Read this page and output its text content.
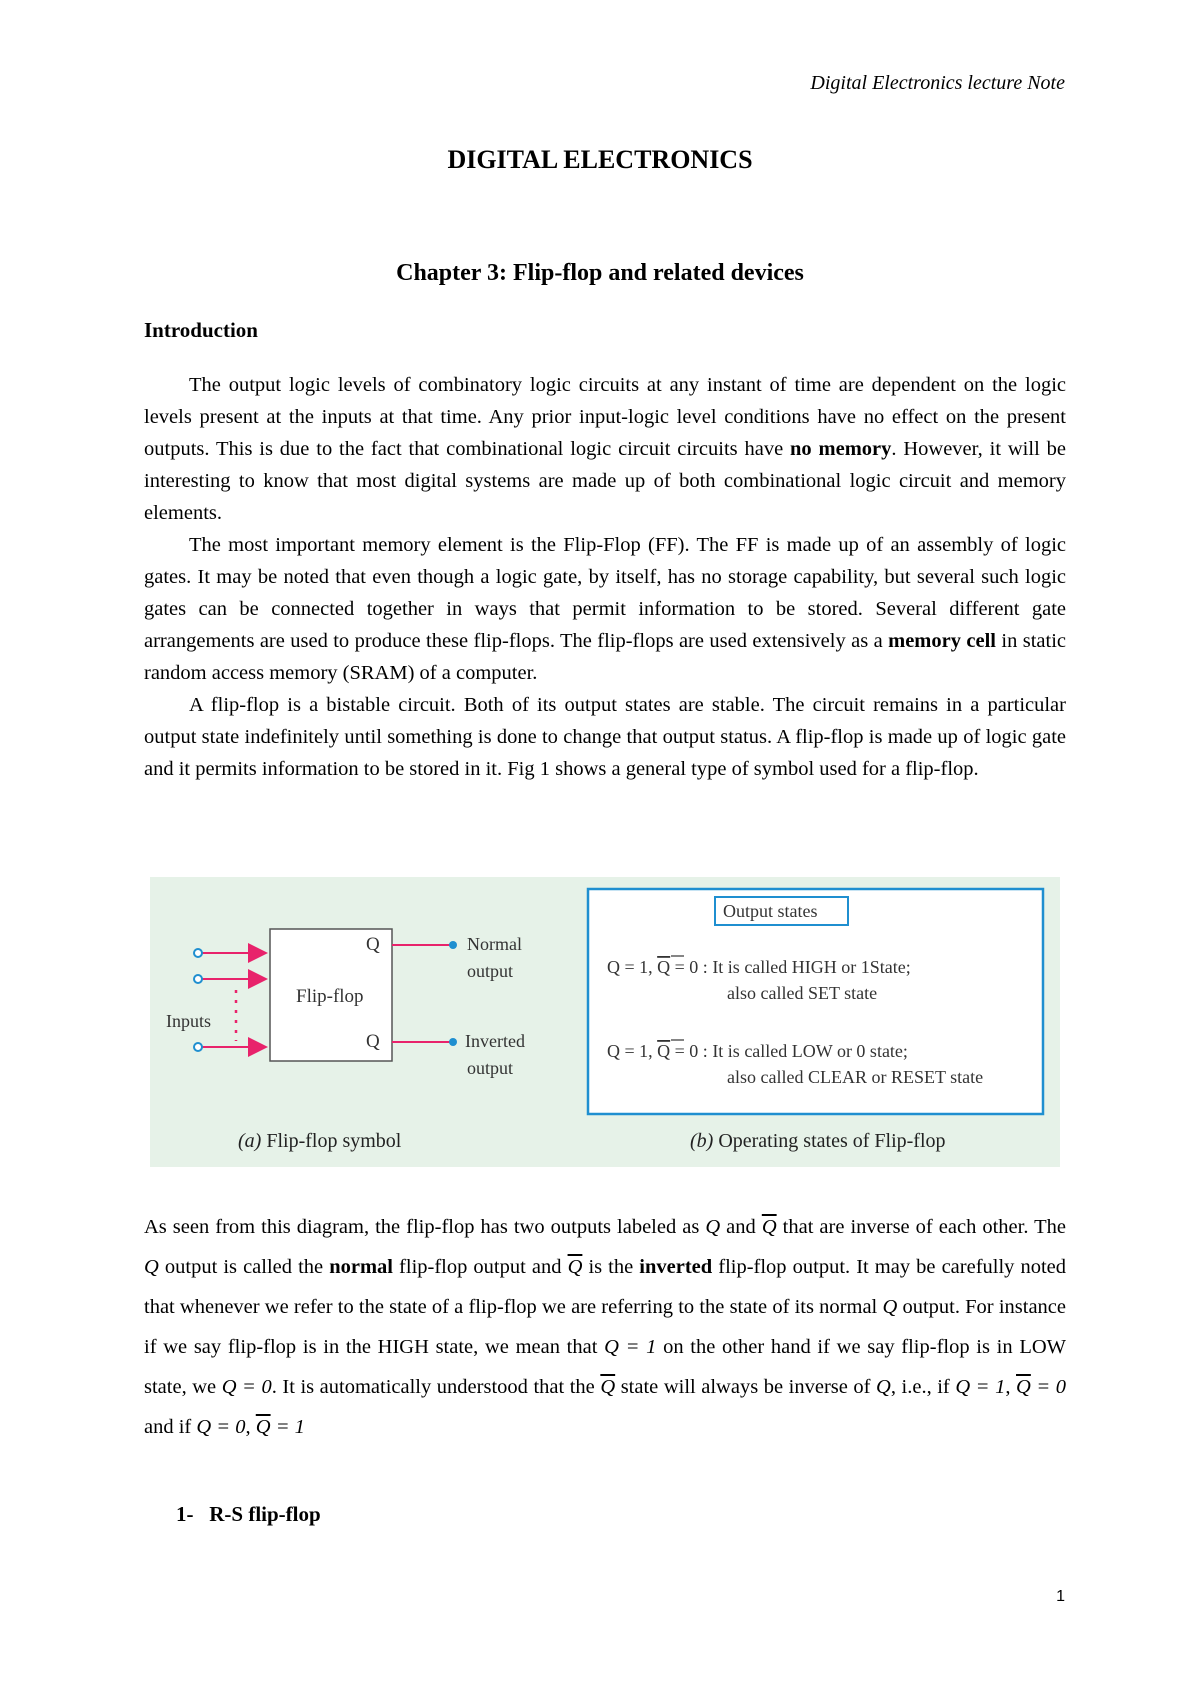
Digital Electronics lecture Note
DIGITAL ELECTRONICS
Chapter 3: Flip-flop and related devices
Introduction

The output logic levels of combinatory logic circuits at any instant of time are dependent on the logic levels present at the inputs at that time. Any prior input-logic level conditions have no effect on the present outputs. This is due to the fact that combinational logic circuit circuits have no memory. However, it will be interesting to know that most digital systems are made up of both combinational logic circuit and memory elements.

The most important memory element is the Flip-Flop (FF). The FF is made up of an assembly of logic gates. It may be noted that even though a logic gate, by itself, has no storage capability, but several such logic gates can be connected together in ways that permit information to be stored. Several different gate arrangements are used to produce these flip-flops. The flip-flops are used extensively as a memory cell in static random access memory (SRAM) of a computer.

A flip-flop is a bistable circuit. Both of its output states are stable. The circuit remains in a particular output state indefinitely until something is done to change that output status. A flip-flop is made up of logic gate and it permits information to be stored in it. Fig 1 shows a general type of symbol used for a flip-flop.

Flip-flop
Q
Q
Inputs
Normal
output
Inverted
output
(a) Flip-flop symbol
Output states
Q = 1, Q = 0 : It is called HIGH or 1State;
also called SET state
Q = 1, Q = 0 : It is called LOW or 0 state;
also called CLEAR or RESET state
(b) Operating states of Flip-flop

As seen from this diagram, the flip-flop has two outputs labeled as Q and $\overline{Q}$ that are inverse of each other. The Q output is called the normal flip-flop output and $\overline{Q}$ is the inverted flip-flop output. It may be carefully noted that whenever we refer to the state of a flip-flop we are referring to the state of its normal Q output. For instance if we say flip-flop is in the HIGH state, we mean that Q = 1 on the other hand if we say flip-flop is in LOW state, we Q = 0. It is automatically understood that the $\overline{Q}$ state will always be inverse of Q, i.e., if Q = 1, $\overline{Q} = 0$ and if Q = 0, $\overline{Q} = 1$

1-   R-S flip-flop
1
